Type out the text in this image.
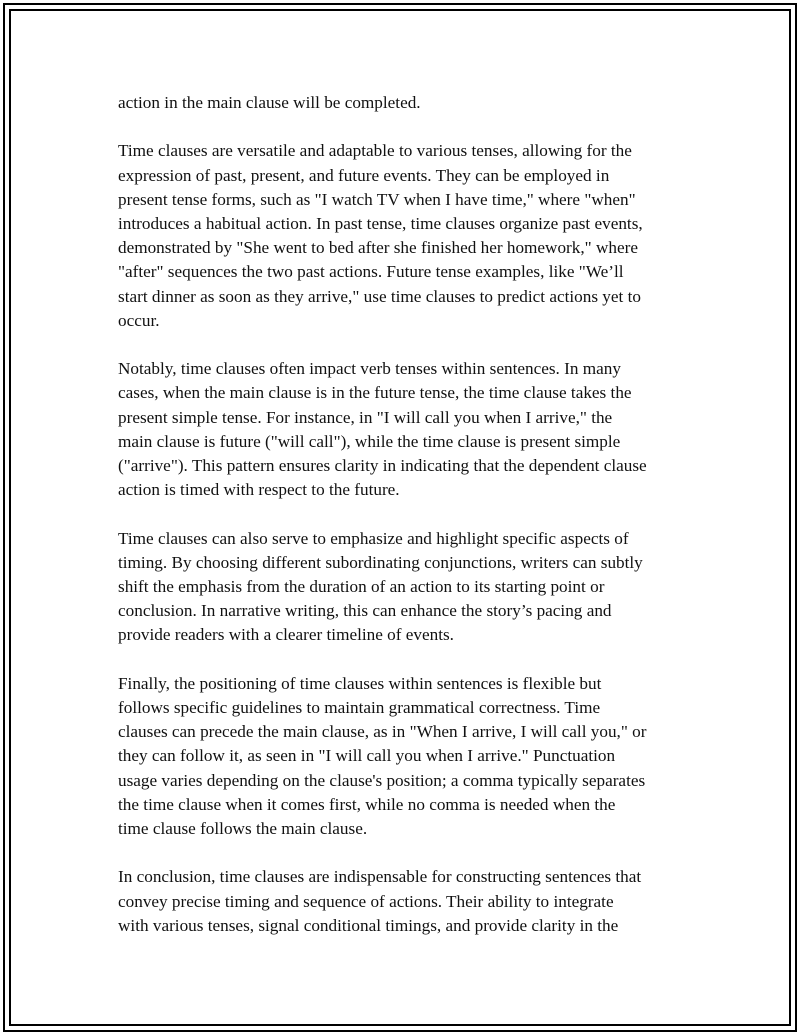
action in the main clause will be completed.

Time clauses are versatile and adaptable to various tenses, allowing for the
expression of past, present, and future events. They can be employed in
present tense forms, such as "I watch TV when I have time," where "when"
introduces a habitual action. In past tense, time clauses organize past events,
demonstrated by "She went to bed after she finished her homework," where
"after" sequences the two past actions. Future tense examples, like "We’ll
start dinner as soon as they arrive," use time clauses to predict actions yet to
occur.

Notably, time clauses often impact verb tenses within sentences. In many
cases, when the main clause is in the future tense, the time clause takes the
present simple tense. For instance, in "I will call you when I arrive," the
main clause is future ("will call"), while the time clause is present simple
("arrive"). This pattern ensures clarity in indicating that the dependent clause
action is timed with respect to the future.

Time clauses can also serve to emphasize and highlight specific aspects of
timing. By choosing different subordinating conjunctions, writers can subtly
shift the emphasis from the duration of an action to its starting point or
conclusion. In narrative writing, this can enhance the story’s pacing and
provide readers with a clearer timeline of events.

Finally, the positioning of time clauses within sentences is flexible but
follows specific guidelines to maintain grammatical correctness. Time
clauses can precede the main clause, as in "When I arrive, I will call you," or
they can follow it, as seen in "I will call you when I arrive." Punctuation
usage varies depending on the clause's position; a comma typically separates
the time clause when it comes first, while no comma is needed when the
time clause follows the main clause.

In conclusion, time clauses are indispensable for constructing sentences that
convey precise timing and sequence of actions. Their ability to integrate
with various tenses, signal conditional timings, and provide clarity in the
